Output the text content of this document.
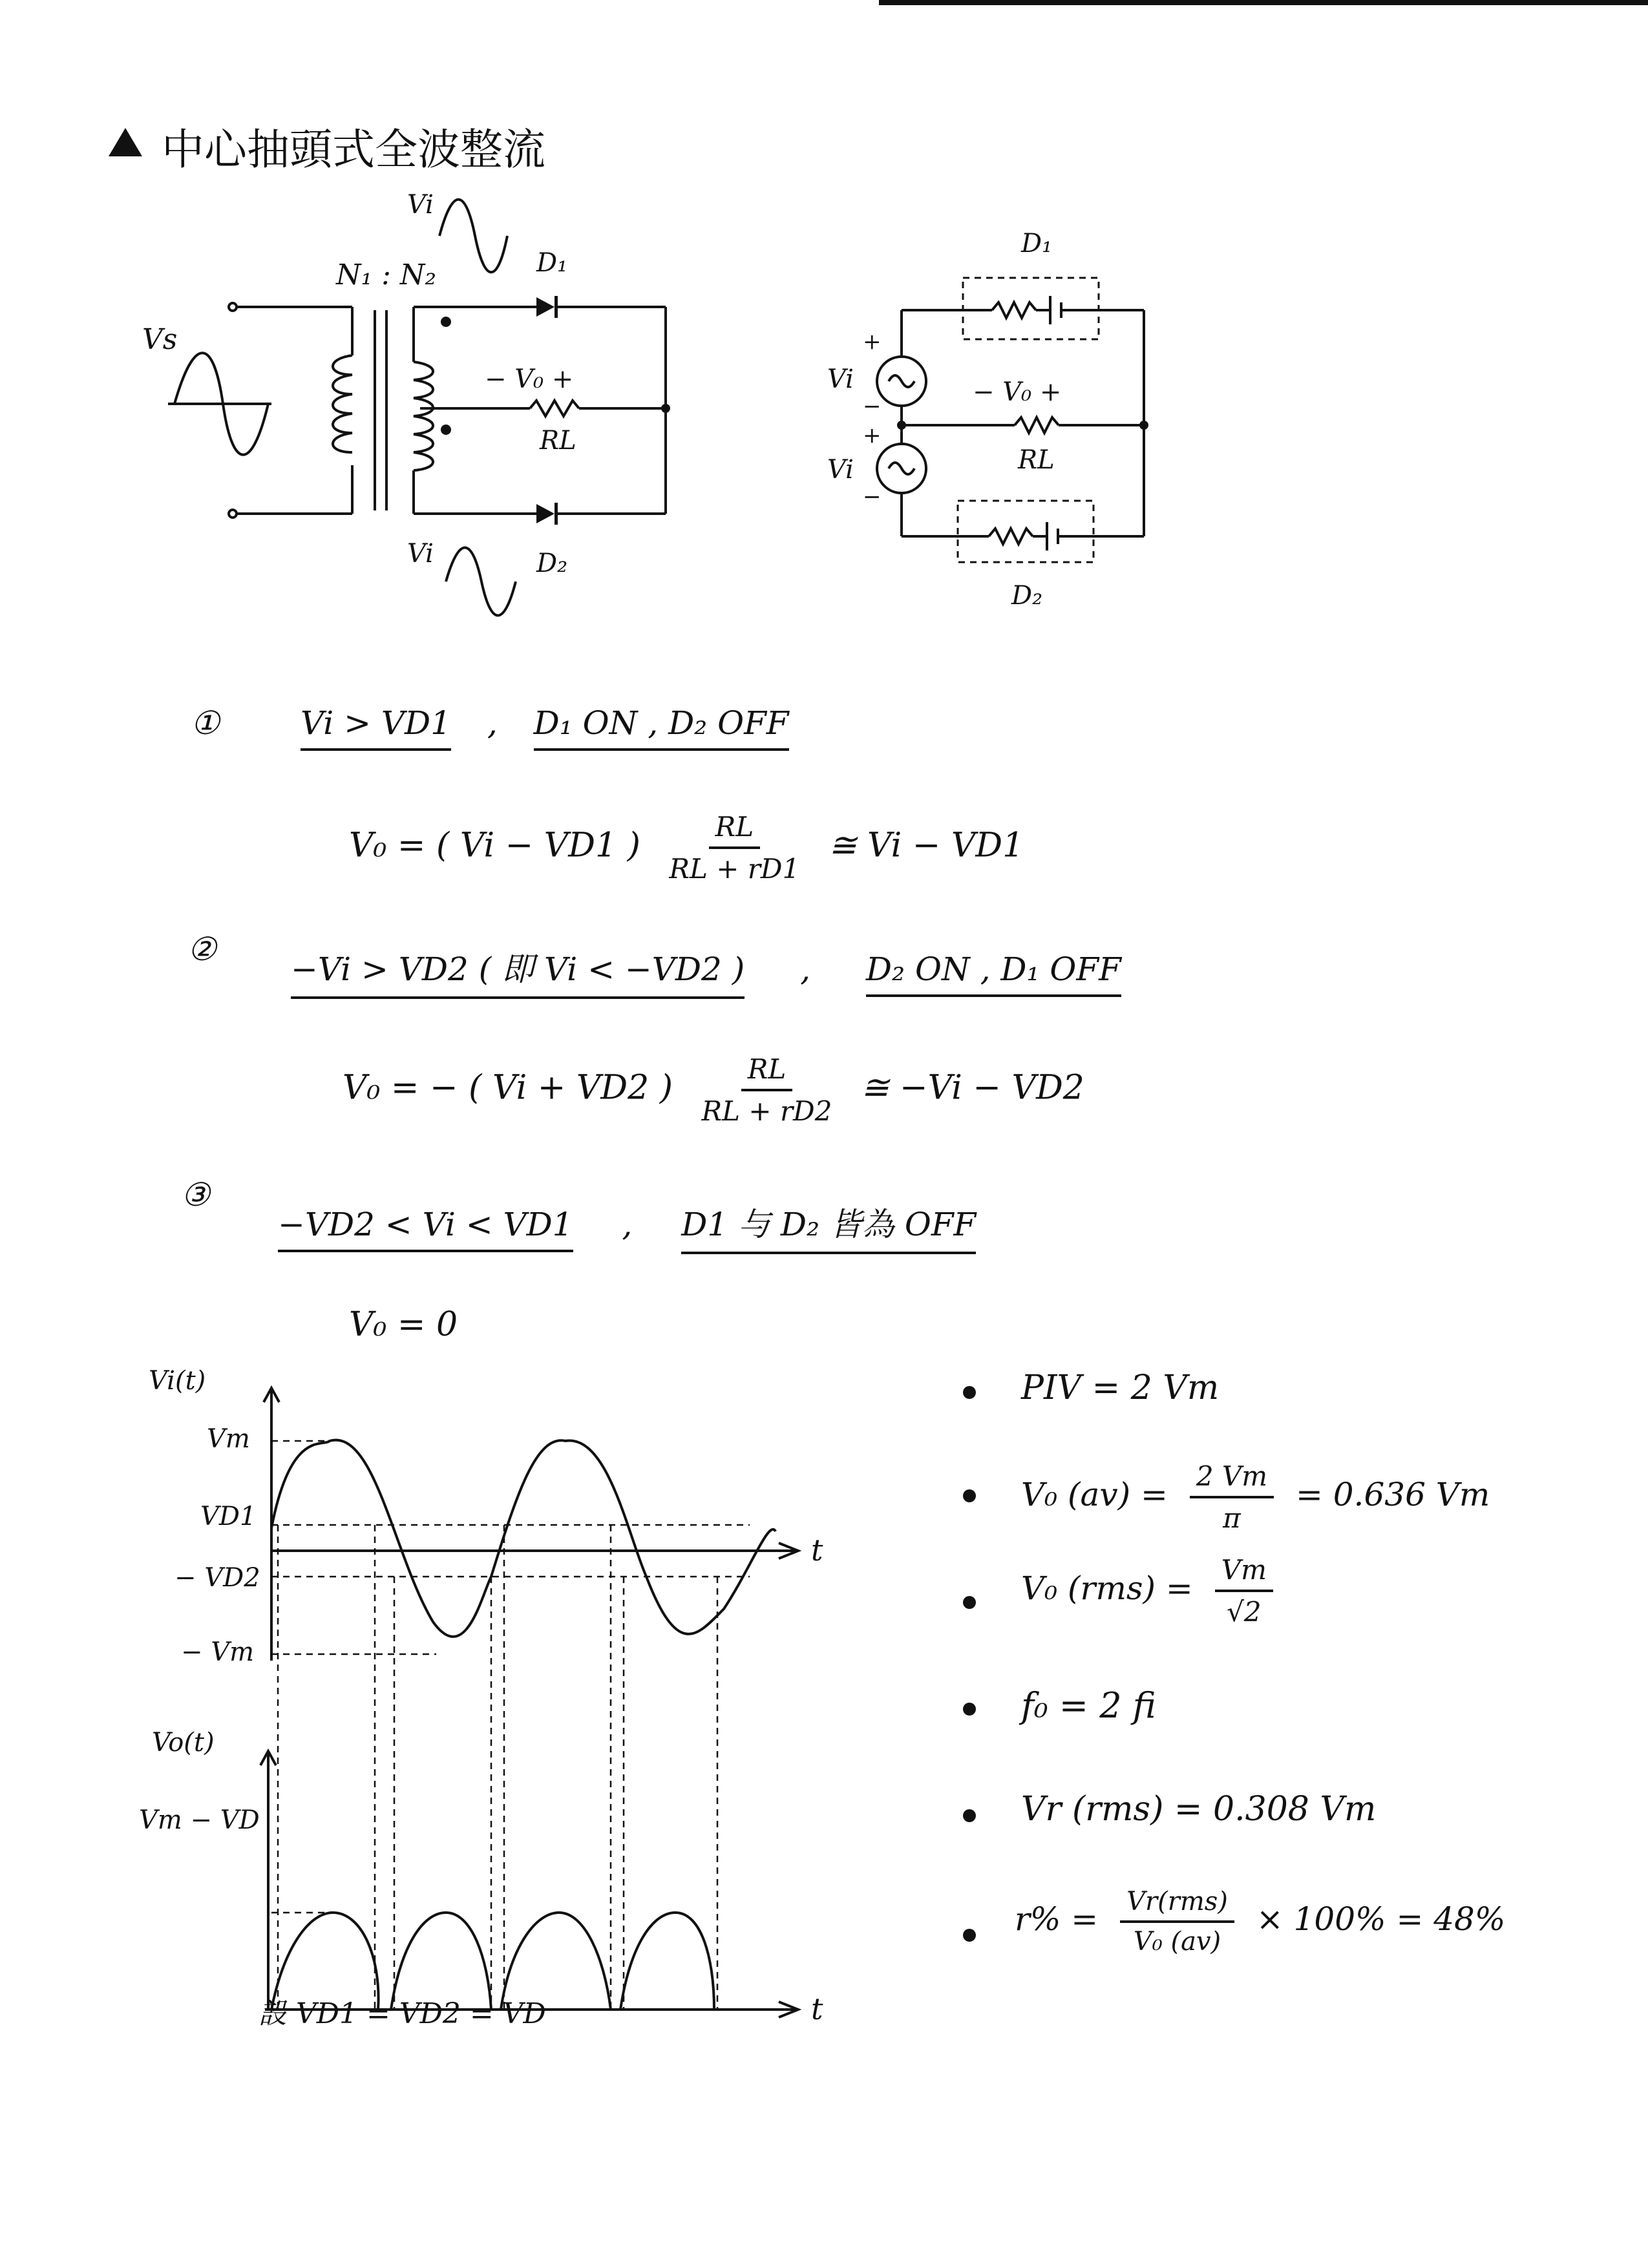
中心抽頭式全波整流
Vs
N₁ : N₂
Vi
Vi
D₁
D₂
− V₀ +
RL
D₁
D₂
Vi
Vi
+
−
+
−
− V₀ +
RL
①	Vi > VD1 , D₁ ON , D₂ OFF
V₀ = ( Vi − VD1 ) $\frac{RL}{RL + rD1}$ ≅ Vi − VD1
②
−Vi > VD2 ( 即 Vi < −VD2 ) , D₂ ON , D₁ OFF
V₀ = − ( Vi + VD2 ) $\frac{RL}{RL + rD2}$ ≅ −Vi − VD2
③
−VD2 < Vi < VD1 , D1 与 D₂ 皆為 OFF
V₀ = 0
Vi(t)
Vo(t)
t
t
Vm
VD1
− VD2
− Vm
Vm − VD
設 VD1 = VD2 = VD
PIV = 2 Vm
V₀ $(av) = \frac{2 Vm}{\pi} = 0.636$ Vm
V₀ $(rms) = \frac{Vm}{√2}$
f₀ = 2 fi
Vr (rms) = 0.308 Vm
$r\% = \frac{\text{Vr(rms)}}{\text{V₀ (av)}} \times 100\% = 48\%$
